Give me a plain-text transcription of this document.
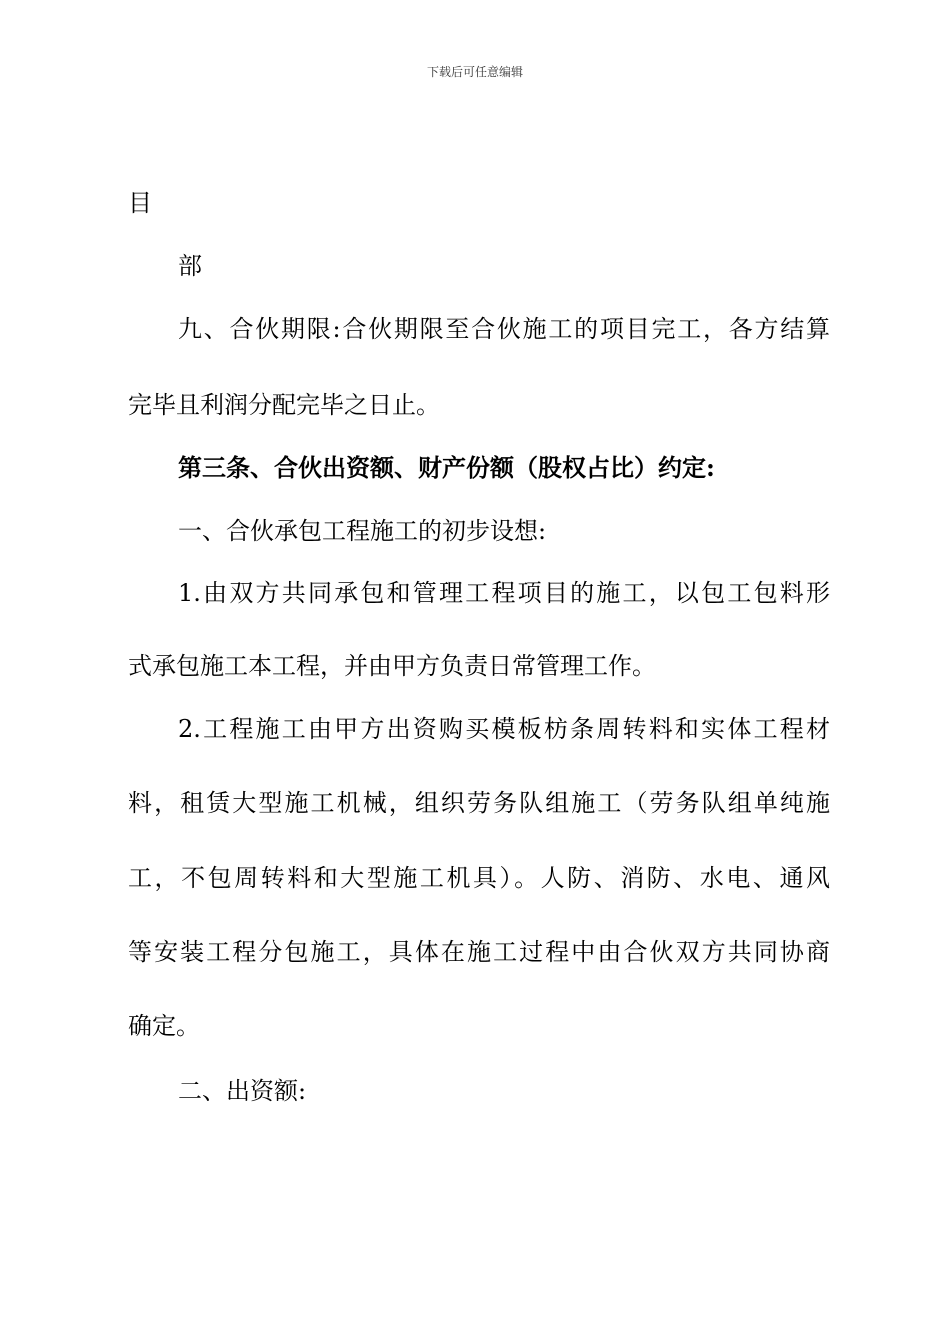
下载后可任意编辑
目
部
九、合伙期限:合伙期限至合伙施工的项目完工，各方结算
完毕且利润分配完毕之日止。
第三条、合伙出资额、财产份额（股权占比）约定:
一、合伙承包工程施工的初步设想:
1.由双方共同承包和管理工程项目的施工，以包工包料形
式承包施工本工程，并由甲方负责日常管理工作。
2.工程施工由甲方出资购买模板枋条周转料和实体工程材
料，租赁大型施工机械，组织劳务队组施工（劳务队组单纯施
工，不包周转料和大型施工机具）。人防、消防、水电、通风
等安装工程分包施工，具体在施工过程中由合伙双方共同协商
确定。
二、出资额:
